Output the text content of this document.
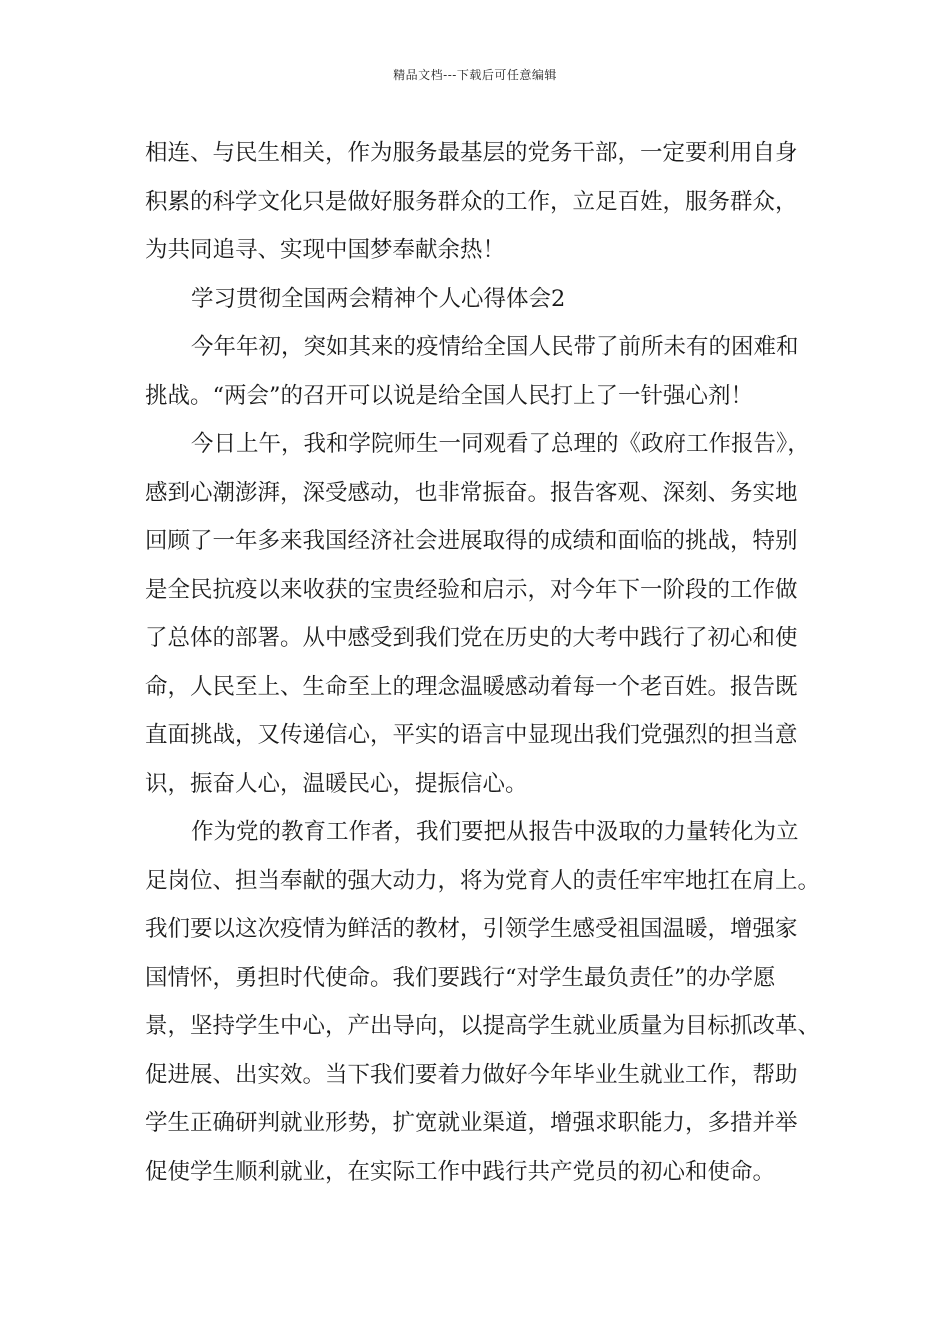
精品文档---下载后可任意编辑
相连、与民生相关，作为服务最基层的党务干部，一定要利用自身
积累的科学文化只是做好服务群众的工作，立足百姓，服务群众，
为共同追寻、实现中国梦奉献余热！
学习贯彻全国两会精神个人心得体会2
今年年初，突如其来的疫情给全国人民带了前所未有的困难和
挑战。“两会”的召开可以说是给全国人民打上了一针强心剂！
今日上午，我和学院师生一同观看了总理的《政府工作报告》，
感到心潮澎湃，深受感动，也非常振奋。报告客观、深刻、务实地
回顾了一年多来我国经济社会进展取得的成绩和面临的挑战，特别
是全民抗疫以来收获的宝贵经验和启示，对今年下一阶段的工作做
了总体的部署。从中感受到我们党在历史的大考中践行了初心和使
命，人民至上、生命至上的理念温暖感动着每一个老百姓。报告既
直面挑战，又传递信心，平实的语言中显现出我们党强烈的担当意
识，振奋人心，温暖民心，提振信心。
作为党的教育工作者，我们要把从报告中汲取的力量转化为立
足岗位、担当奉献的强大动力，将为党育人的责任牢牢地扛在肩上。
我们要以这次疫情为鲜活的教材，引领学生感受祖国温暖，增强家
国情怀，勇担时代使命。我们要践行“对学生最负责任”的办学愿
景，坚持学生中心，产出导向，以提高学生就业质量为目标抓改革、
促进展、出实效。当下我们要着力做好今年毕业生就业工作，帮助
学生正确研判就业形势，扩宽就业渠道，增强求职能力，多措并举
促使学生顺利就业，在实际工作中践行共产党员的初心和使命。
